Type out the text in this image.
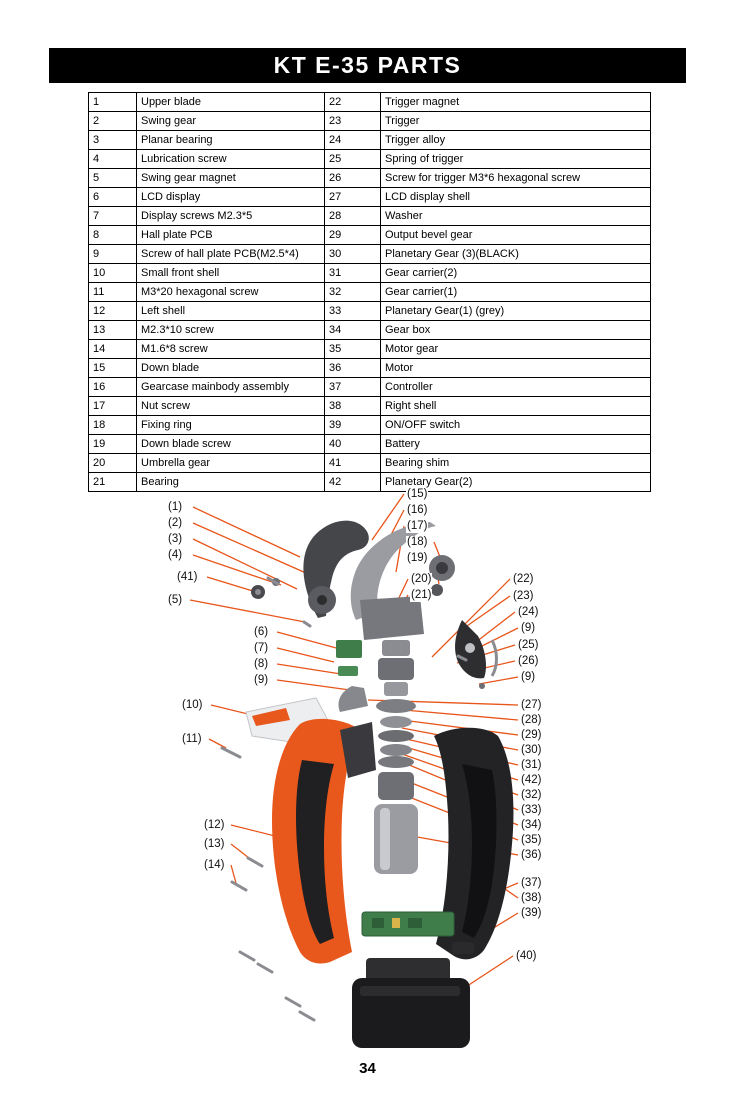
KT E-35 PARTS
1	Upper blade	22	Trigger magnet
2	Swing gear	23	Trigger
3	Planar bearing	24	Trigger alloy
4	Lubrication screw	25	Spring of trigger
5	Swing gear magnet	26	Screw for trigger M3*6 hexagonal screw
6	LCD display	27	LCD display shell
7	Display screws M2.3*5	28	Washer
8	Hall plate PCB	29	Output bevel gear
9	Screw of hall plate PCB(M2.5*4)	30	Planetary Gear (3)(BLACK)
10	Small front shell	31	Gear carrier(2)
11	M3*20 hexagonal screw	32	Gear carrier(1)
12	Left shell	33	Planetary Gear(1) (grey)
13	M2.3*10 screw	34	Gear box
14	M1.6*8 screw	35	Motor gear
15	Down blade	36	Motor
16	Gearcase mainbody assembly	37	Controller
17	Nut screw	38	Right shell
18	Fixing ring	39	ON/OFF switch
19	Down blade screw	40	Battery
20	Umbrella gear	41	Bearing shim
21	Bearing	42	Planetary Gear(2)
(1)
(2)
(3)
(4)
(41)
(5)
(6)
(7)
(8)
(9)
(10)
(11)
(12)
(13)
(14)
(15)
(16)
(17)
(18)
(19)
(20)
(21)
(22)
(23)
(24)
(9)
(25)
(26)
(9)
(27)
(28)
(29)
(30)
(31)
(42)
(32)
(33)
(34)
(35)
(36)
(37)
(38)
(39)
(40)
34
